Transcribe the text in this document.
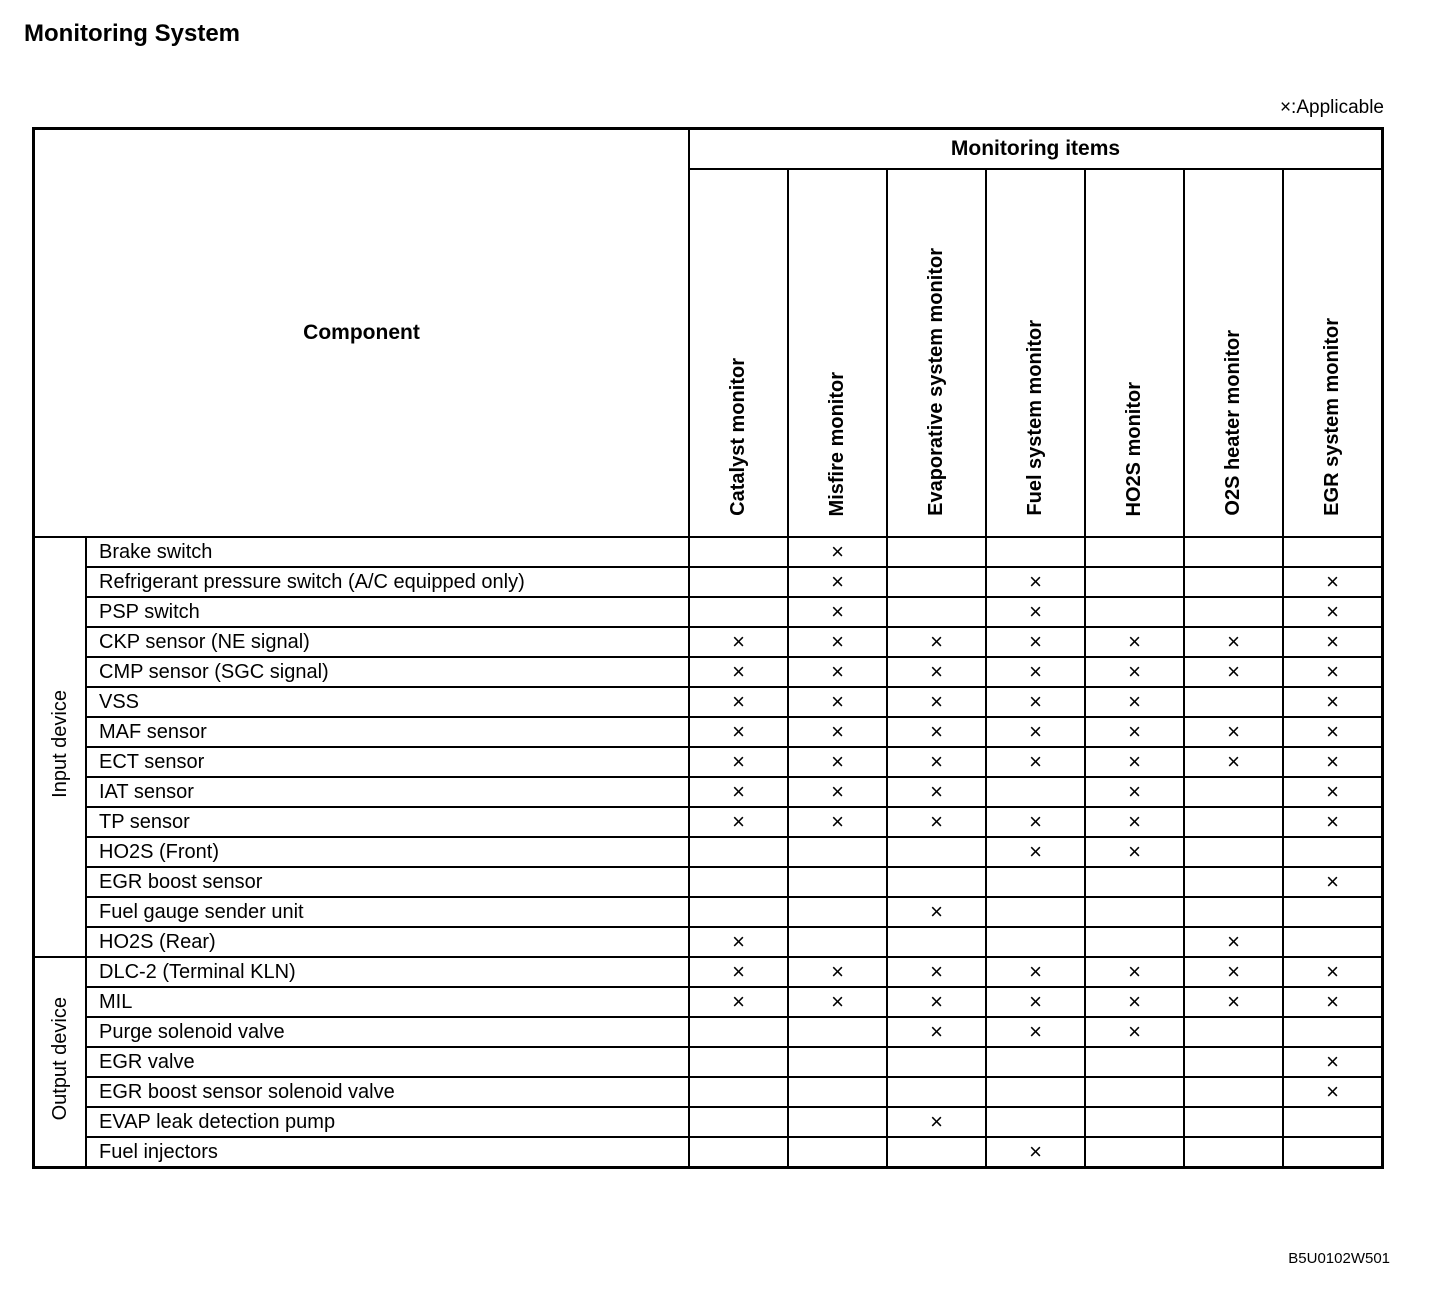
Monitoring System
×:Applicable
Component		Monitoring items						
		Catalyst monitor	Misfire monitor	Evaporative system monitor	Fuel system monitor	HO2S monitor	O2S heater monitor	EGR system monitor
Input device	Brake switch		×					
	Refrigerant pressure switch (A/C equipped only)		×		×			×
	PSP switch		×		×			×
	CKP sensor (NE signal)	×	×	×	×	×	×	×
	CMP sensor (SGC signal)	×	×	×	×	×	×	×
	VSS	×	×	×	×	×		×
	MAF sensor	×	×	×	×	×	×	×
	ECT sensor	×	×	×	×	×	×	×
	IAT sensor	×	×	×		×		×
	TP sensor	×	×	×	×	×		×
	HO2S (Front)				×	×		
	EGR boost sensor							×
	Fuel gauge sender unit			×				
	HO2S (Rear)	×					×	
Output device	DLC-2 (Terminal KLN)	×	×	×	×	×	×	×
	MIL	×	×	×	×	×	×	×
	Purge solenoid valve			×	×	×		
	EGR valve							×
	EGR boost sensor solenoid valve							×
	EVAP leak detection pump			×				
	Fuel injectors				×			
B5U0102W501
